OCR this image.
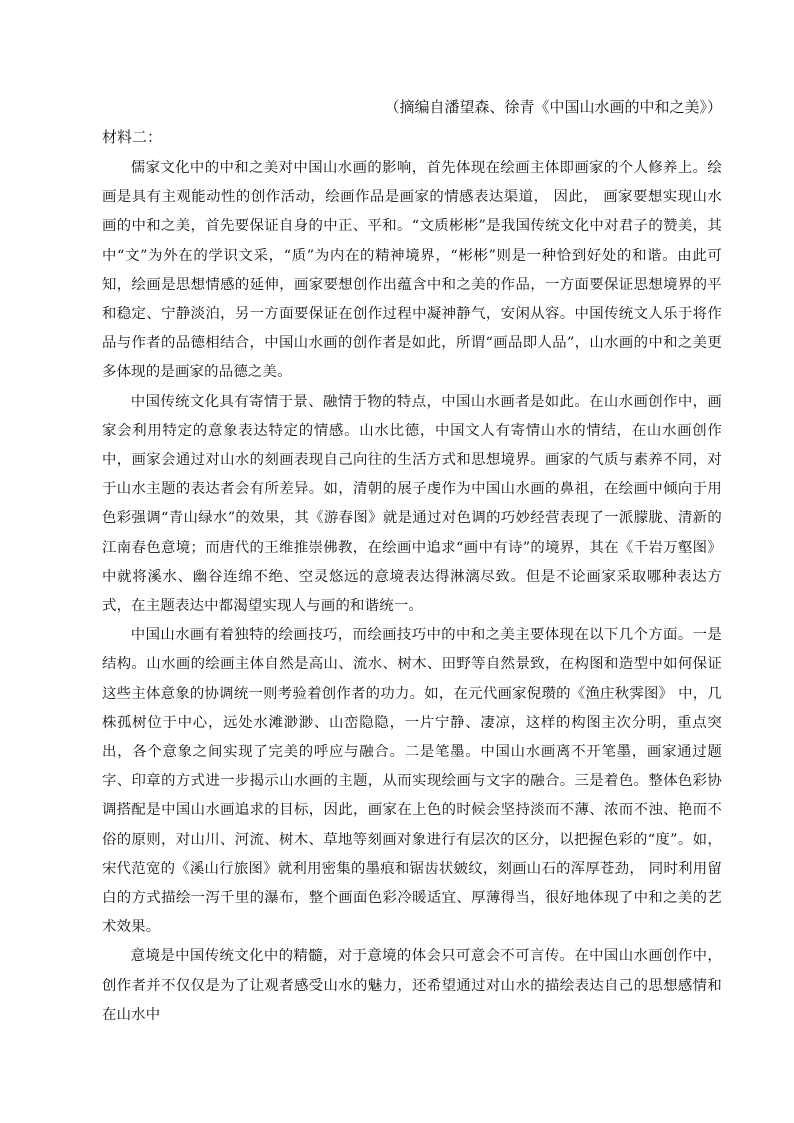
（摘编自潘望森、徐青《中国山水画的中和之美》）
材料二：

儒家文化中的中和之美对中国山水画的影响，首先体现在绘画主体即画家的个人修养上。绘画是具有主观能动性的创作活动，绘画作品是画家的情感表达渠道， 因此， 画家要想实现山水画的中和之美，首先要保证自身的中正、平和。“文质彬彬”是我国传统文化中对君子的赞美，其中“文”为外在的学识文采，“质”为内在的精神境界，“彬彬”则是一种恰到好处的和谐。由此可知，绘画是思想情感的延伸，画家要想创作出蕴含中和之美的作品，一方面要保证思想境界的平和稳定、宁静淡泊，另一方面要保证在创作过程中凝神静气，安闲从容。中国传统文人乐于将作品与作者的品德相结合，中国山水画的创作者是如此，所谓“画品即人品”，山水画的中和之美更多体现的是画家的品德之美。

中国传统文化具有寄情于景、融情于物的特点，中国山水画者是如此。在山水画创作中，画家会利用特定的意象表达特定的情感。山水比德，中国文人有寄情山水的情结，在山水画创作中，画家会通过对山水的刻画表现自己向往的生活方式和思想境界。画家的气质与素养不同，对于山水主题的表达者会有所差异。如，清朝的展子虔作为中国山水画的鼻祖，在绘画中倾向于用色彩强调“青山绿水”的效果，其《游春图》就是通过对色调的巧妙经营表现了一派朦胧、清新的江南春色意境；而唐代的王维推崇佛教，在绘画中追求“画中有诗”的境界，其在《千岩万壑图》中就将溪水、幽谷连绵不绝、空灵悠远的意境表达得淋漓尽致。但是不论画家采取哪种表达方式，在主题表达中都渴望实现人与画的和谐统一。

中国山水画有着独特的绘画技巧，而绘画技巧中的中和之美主要体现在以下几个方面。一是结构。山水画的绘画主体自然是高山、流水、树木、田野等自然景致，在构图和造型中如何保证这些主体意象的协调统一则考验着创作者的功力。如，在元代画家倪瓒的《渔庄秋霁图》 中，几株孤树位于中心，远处水滩渺渺、山峦隐隐，一片宁静、凄凉，这样的构图主次分明，重点突出，各个意象之间实现了完美的呼应与融合。二是笔墨。中国山水画离不开笔墨，画家通过题字、印章的方式进一步揭示山水画的主题，从而实现绘画与文字的融合。三是着色。整体色彩协调搭配是中国山水画追求的目标，因此，画家在上色的时候会坚持淡而不薄、浓而不浊、艳而不俗的原则，对山川、河流、树木、草地等刻画对象进行有层次的区分，以把握色彩的“度”。如，宋代范宽的《溪山行旅图》就利用密集的墨痕和锯齿状皴纹，刻画山石的浑厚苍劲， 同时利用留白的方式描绘一泻千里的瀑布，整个画面色彩冷暖适宜、厚薄得当，很好地体现了中和之美的艺术效果。

意境是中国传统文化中的精髓，对于意境的体会只可意会不可言传。在中国山水画创作中，创作者并不仅仅是为了让观者感受山水的魅力，还希望通过对山水的描绘表达自己的思想感情和在山水中
